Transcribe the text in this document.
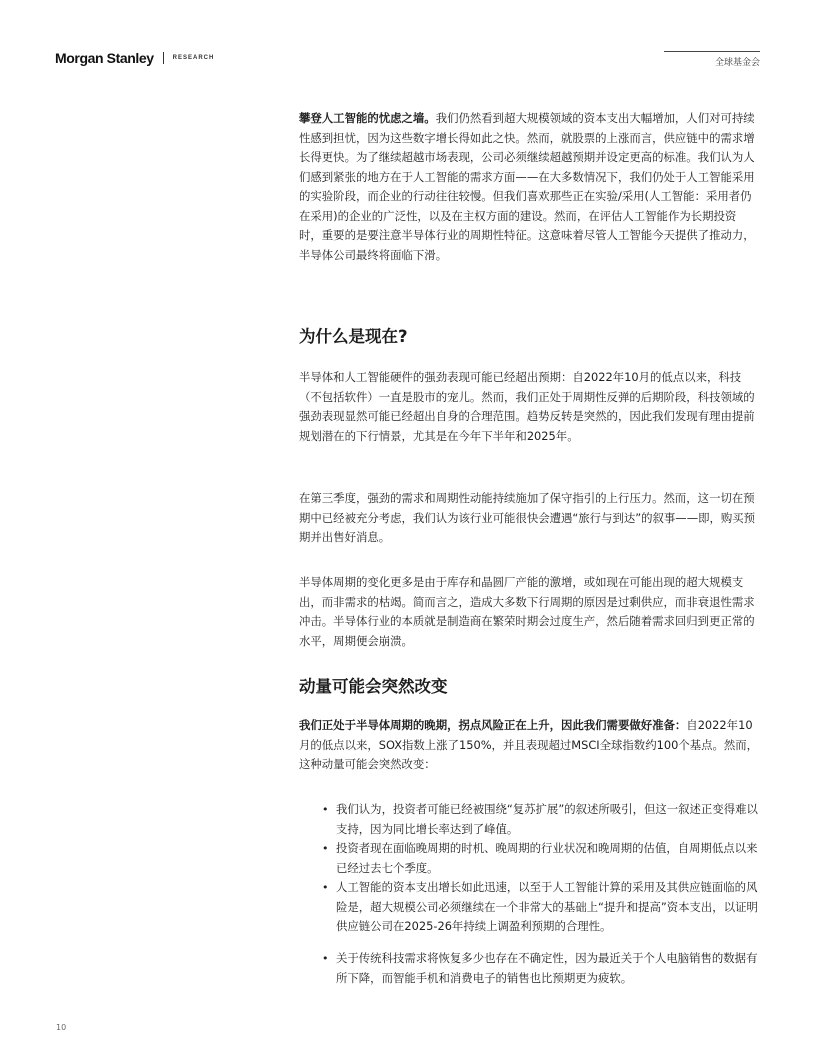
Morgan Stanley	RESEARCH	全球基金会

攀登人工智能的忧虑之墙。我们仍然看到超大规模领域的资本支出大幅增加，人们对可持续性感到担忧，因为这些数字增长得如此之快。然而，就股票的上涨而言，供应链中的需求增长得更快。为了继续超越市场表现，公司必须继续超越预期并设定更高的标准。我们认为人们感到紧张的地方在于人工智能的需求方面——在大多数情况下，我们仍处于人工智能采用的实验阶段，而企业的行动往往较慢。但我们喜欢那些正在实验/采用(人工智能：采用者仍在采用)的企业的广泛性，以及在主权方面的建设。然而，在评估人工智能作为长期投资时，重要的是要注意半导体行业的周期性特征。这意味着尽管人工智能今天提供了推动力，半导体公司最终将面临下滑。

为什么是现在?

半导体和人工智能硬件的强劲表现可能已经超出预期：自2022年10月的低点以来，科技（不包括软件）一直是股市的宠儿。然而，我们正处于周期性反弹的后期阶段，科技领域的强劲表现显然可能已经超出自身的合理范围。趋势反转是突然的，因此我们发现有理由提前规划潜在的下行情景，尤其是在今年下半年和2025年。

在第三季度，强劲的需求和周期性动能持续施加了保守指引的上行压力。然而，这一切在预期中已经被充分考虑，我们认为该行业可能很快会遭遇“旅行与到达”的叙事——即，购买预期并出售好消息。

半导体周期的变化更多是由于库存和晶圆厂产能的激增，或如现在可能出现的超大规模支出，而非需求的枯竭。简而言之，造成大多数下行周期的原因是过剩供应，而非衰退性需求冲击。半导体行业的本质就是制造商在繁荣时期会过度生产，然后随着需求回归到更正常的水平，周期便会崩溃。

动量可能会突然改变

我们正处于半导体周期的晚期，拐点风险正在上升，因此我们需要做好准备：自2022年10月的低点以来，SOX指数上涨了150%，并且表现超过MSCI全球指数约100个基点。然而，这种动量可能会突然改变：

• 我们认为，投资者可能已经被围绕“复苏扩展”的叙述所吸引，但这一叙述正变得难以支持，因为同比增长率达到了峰值。
• 投资者现在面临晚周期的时机、晚周期的行业状况和晚周期的估值，自周期低点以来已经过去七个季度。
• 人工智能的资本支出增长如此迅速，以至于人工智能计算的采用及其供应链面临的风险是，超大规模公司必须继续在一个非常大的基础上“提升和提高”资本支出，以证明供应链公司在2025-26年持续上调盈利预期的合理性。
• 关于传统科技需求将恢复多少也存在不确定性，因为最近关于个人电脑销售的数据有所下降，而智能手机和消费电子的销售也比预期更为疲软。
10
